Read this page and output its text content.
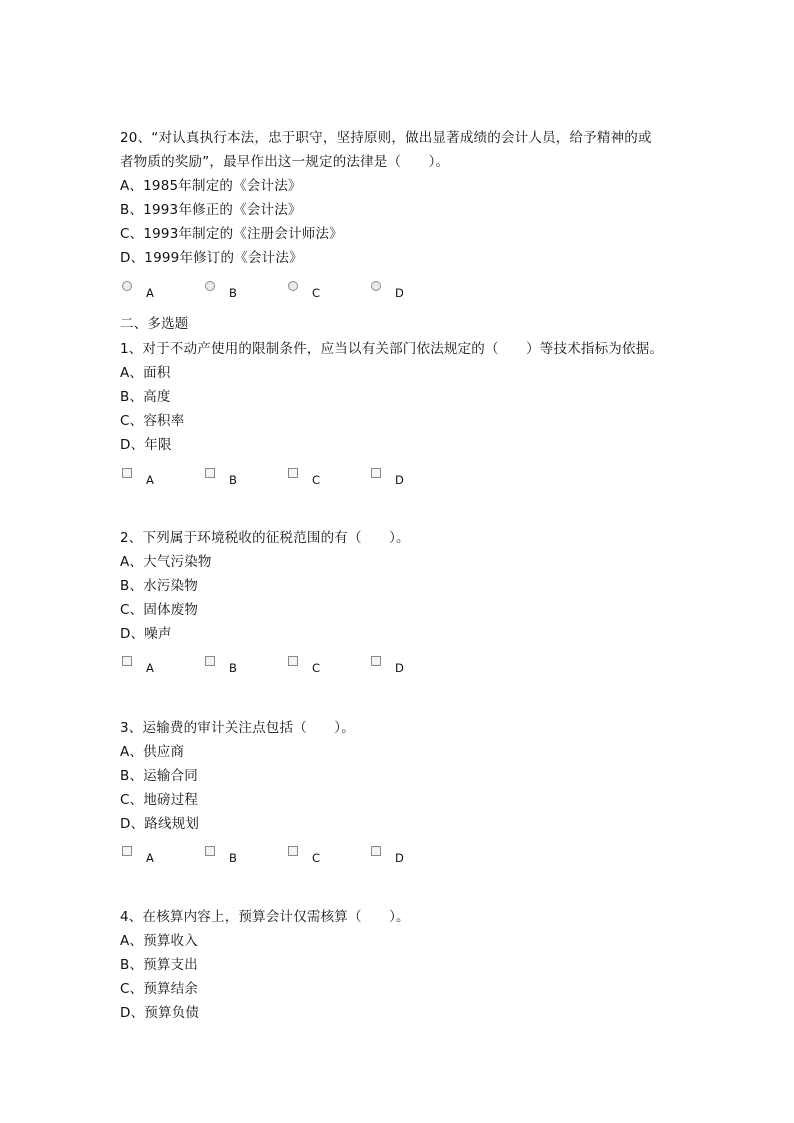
20、“对认真执行本法，忠于职守，坚持原则，做出显著成绩的会计人员，给予精神的或
者物质的奖励”，最早作出这一规定的法律是（　　）。
A、1985年制定的《会计法》
B、1993年修正的《会计法》
C、1993年制定的《注册会计师法》
D、1999年修订的《会计法》
A	B	C	D
二、多选题
1、对于不动产使用的限制条件，应当以有关部门依法规定的（　　）等技术指标为依据。
A、面积
B、高度
C、容积率
D、年限
A	B	C	D
2、下列属于环境税收的征税范围的有（　　）。
A、大气污染物
B、水污染物
C、固体废物
D、噪声
A	B	C	D
3、运输费的审计关注点包括（　　）。
A、供应商
B、运输合同
C、地磅过程
D、路线规划
A	B	C	D
4、在核算内容上，预算会计仅需核算（　　）。
A、预算收入
B、预算支出
C、预算结余
D、预算负债
